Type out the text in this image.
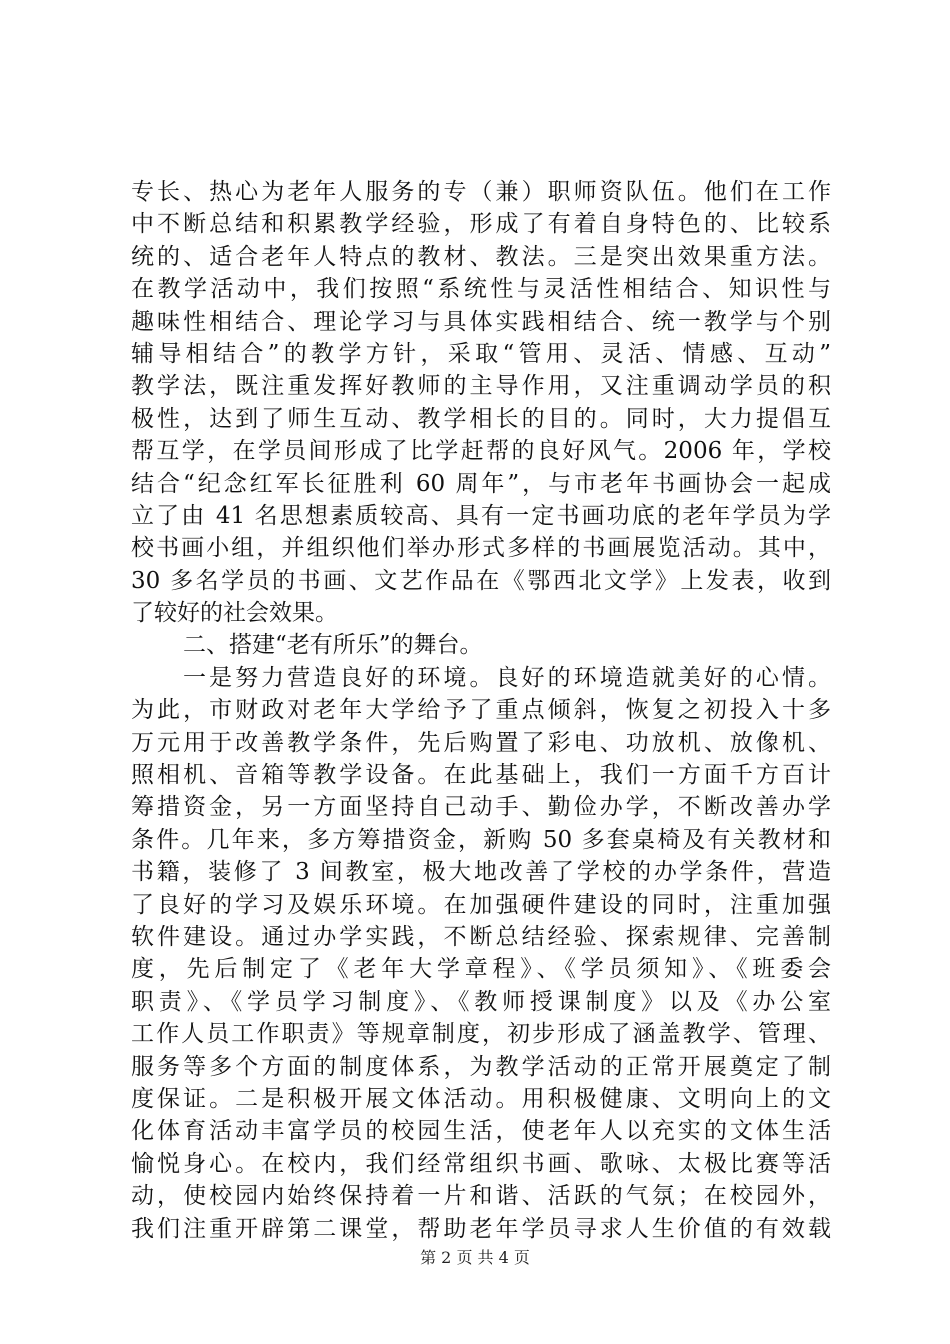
专长、热心为老年人服务的专（兼）职师资队伍。他们在工作
中不断总结和积累教学经验，形成了有着自身特色的、比较系
统的、适合老年人特点的教材、教法。三是突出效果重方法。
在教学活动中，我们按照“系统性与灵活性相结合、知识性与
趣味性相结合、理论学习与具体实践相结合、统一教学与个别
辅导相结合”的教学方针，采取“管用、灵活、情感、互动”
教学法，既注重发挥好教师的主导作用，又注重调动学员的积
极性，达到了师生互动、教学相长的目的。同时，大力提倡互
帮互学，在学员间形成了比学赶帮的良好风气。2006 年，学校
结合“纪念红军长征胜利 60 周年”，与市老年书画协会一起成
立了由 41 名思想素质较高、具有一定书画功底的老年学员为学
校书画小组，并组织他们举办形式多样的书画展览活动。其中，
30 多名学员的书画、文艺作品在《鄂西北文学》上发表，收到
了较好的社会效果。
二、搭建“老有所乐”的舞台。
一是努力营造良好的环境。良好的环境造就美好的心情。
为此，市财政对老年大学给予了重点倾斜，恢复之初投入十多
万元用于改善教学条件，先后购置了彩电、功放机、放像机、
照相机、音箱等教学设备。在此基础上，我们一方面千方百计
筹措资金，另一方面坚持自己动手、勤俭办学，不断改善办学
条件。几年来，多方筹措资金，新购 50 多套桌椅及有关教材和
书籍，装修了 3 间教室，极大地改善了学校的办学条件，营造
了良好的学习及娱乐环境。在加强硬件建设的同时，注重加强
软件建设。通过办学实践，不断总结经验、探索规律、完善制
度，先后制定了《老年大学章程》、《学员须知》、《班委会
职责》、《学员学习制度》、《教师授课制度》以及《办公室
工作人员工作职责》等规章制度，初步形成了涵盖教学、管理、
服务等多个方面的制度体系，为教学活动的正常开展奠定了制
度保证。二是积极开展文体活动。用积极健康、文明向上的文
化体育活动丰富学员的校园生活，使老年人以充实的文体生活
愉悦身心。在校内，我们经常组织书画、歌咏、太极比赛等活
动，使校园内始终保持着一片和谐、活跃的气氛；在校园外，
我们注重开辟第二课堂，帮助老年学员寻求人生价值的有效载
第 2 页 共 4 页
